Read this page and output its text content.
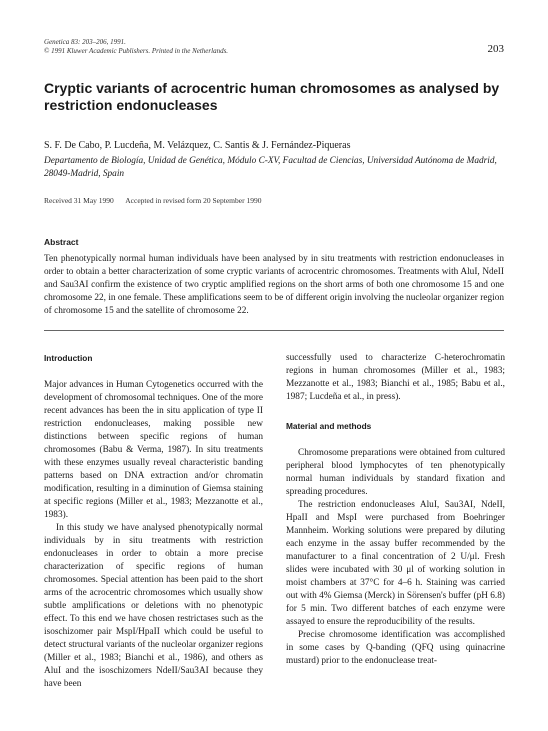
Genetica 83: 203–206, 1991.
© 1991 Kluwer Academic Publishers. Printed in the Netherlands.	203
Cryptic variants of acrocentric human chromosomes as analysed by restriction endonucleases
S. F. De Cabo, P. Lucdeña, M. Velázquez, C. Santis & J. Fernández-Piqueras
Departamento de Biología, Unidad de Genética, Módulo C-XV, Facultad de Ciencias, Universidad Autónoma de Madrid, 28049-Madrid, Spain
Received 31 May 1990 Accepted in revised form 20 September 1990
Abstract
Ten phenotypically normal human individuals have been analysed by in situ treatments with restriction endonucleases in order to obtain a better characterization of some cryptic variants of acrocentric chromosomes. Treatments with AluI, NdeII and Sau3AI confirm the existence of two cryptic amplified regions on the short arms of both one chromosome 15 and one chromosome 22, in one female. These amplifications seem to be of different origin involving the nucleolar organizer region of chromosome 15 and the satellite of chromosome 22.
Introduction

Major advances in Human Cytogenetics occurred with the development of chromosomal techniques. One of the more recent advances has been the in situ application of type II restriction endonucleases, making possible new distinctions between specific regions of human chromosomes (Babu & Verma, 1987). In situ treatments with these enzymes usually reveal characteristic banding patterns based on DNA extraction and/or chromatin modification, resulting in a diminution of Giemsa staining at specific regions (Miller et al., 1983; Mezzanotte et al., 1983).

In this study we have analysed phenotypically normal individuals by in situ treatments with restriction endonucleases in order to obtain a more precise characterization of specific regions of human chromosomes. Special attention has been paid to the short arms of the acrocentric chromosomes which usually show subtle amplifications or deletions with no phenotypic effect. To this end we have chosen restrictases such as the isoschizomer pair MspI/HpaII which could be useful to detect structural variants of the nucleolar organizer regions (Miller et al., 1983; Bianchi et al., 1986), and others as AluI and the isoschizomers NdeII/Sau3AI because they have been

successfully used to characterize C-heterochromatin regions in human chromosomes (Miller et al., 1983; Mezzanotte et al., 1983; Bianchi et al., 1985; Babu et al., 1987; Lucdeña et al., in press).

Material and methods

Chromosome preparations were obtained from cultured peripheral blood lymphocytes of ten phenotypically normal human individuals by standard fixation and spreading procedures.

The restriction endonucleases AluI, Sau3AI, NdeII, HpaII and MspI were purchased from Boehringer Mannheim. Working solutions were prepared by diluting each enzyme in the assay buffer recommended by the manufacturer to a final concentration of 2 U/μl. Fresh slides were incubated with 30 μl of working solution in moist chambers at 37°C for 4–6 h. Staining was carried out with 4% Giemsa (Merck) in Sörensen's buffer (pH 6.8) for 5 min. Two different batches of each enzyme were assayed to ensure the reproducibility of the results.

Precise chromosome identification was accomplished in some cases by Q-banding (QFQ using quinacrine mustard) prior to the endonuclease treat-
